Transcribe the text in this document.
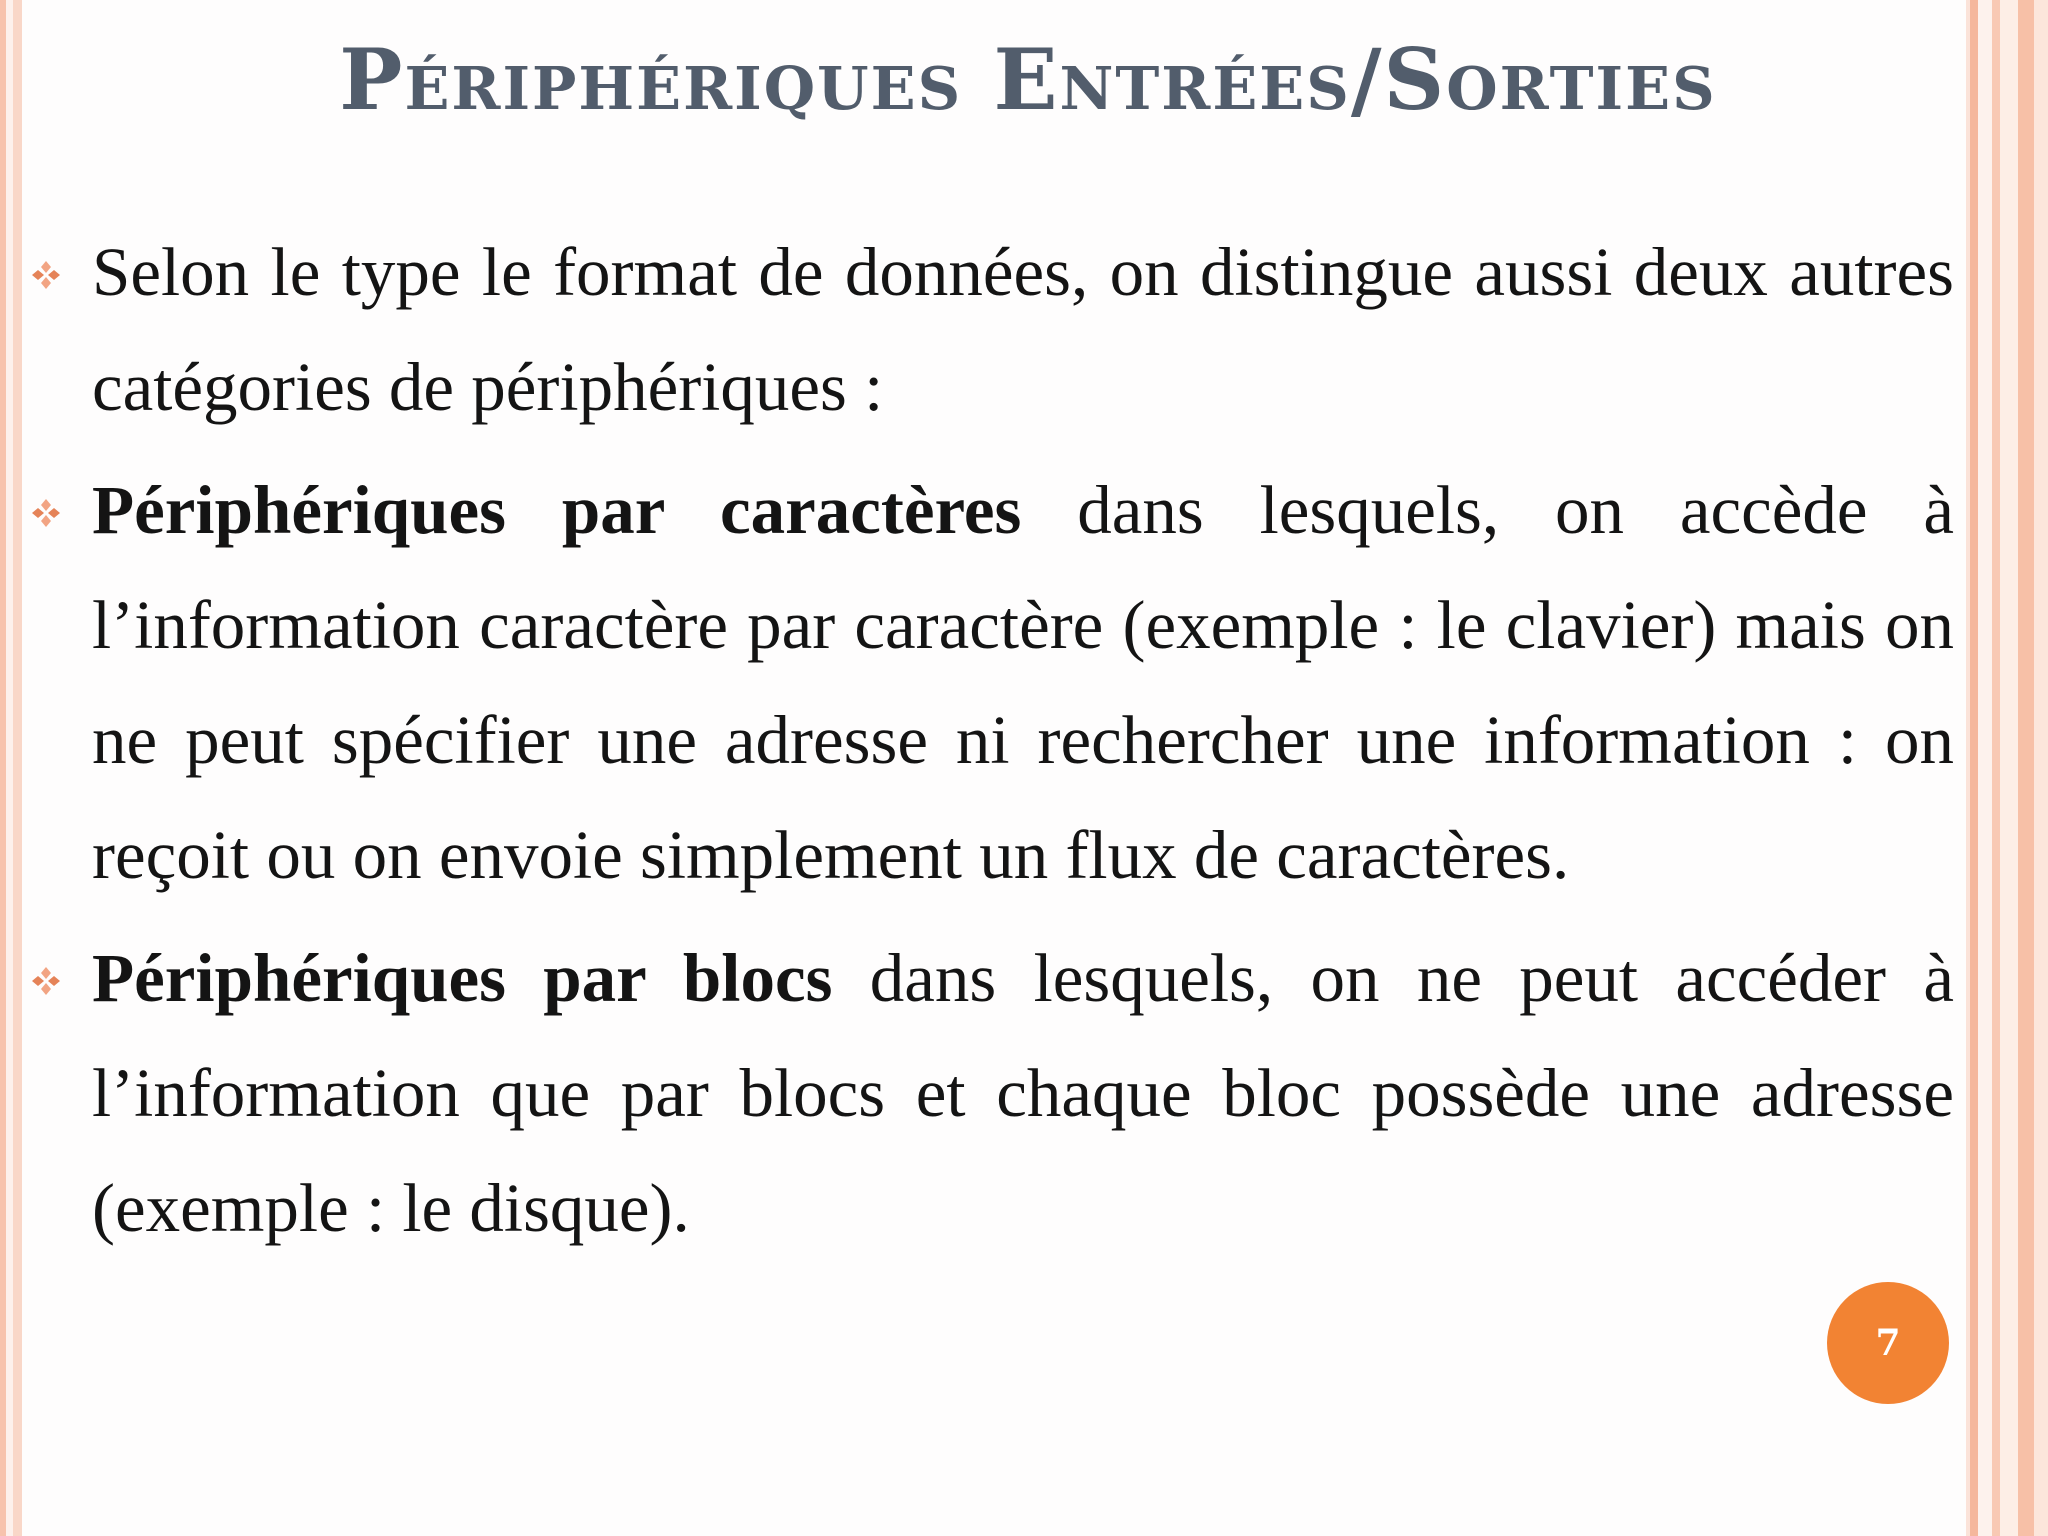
Périphériques Entrées/Sorties

Selon le type le format de données, on distingue aussi deux autres catégories de périphériques :

Périphériques par caractères dans lesquels, on accède à l’information caractère par caractère (exemple : le clavier) mais on ne peut spécifier une adresse ni rechercher une information : on reçoit ou on envoie simplement un flux de caractères.

Périphériques par blocs dans lesquels, on ne peut accéder à l’information que par blocs et chaque bloc possède une adresse (exemple : le disque).

7
